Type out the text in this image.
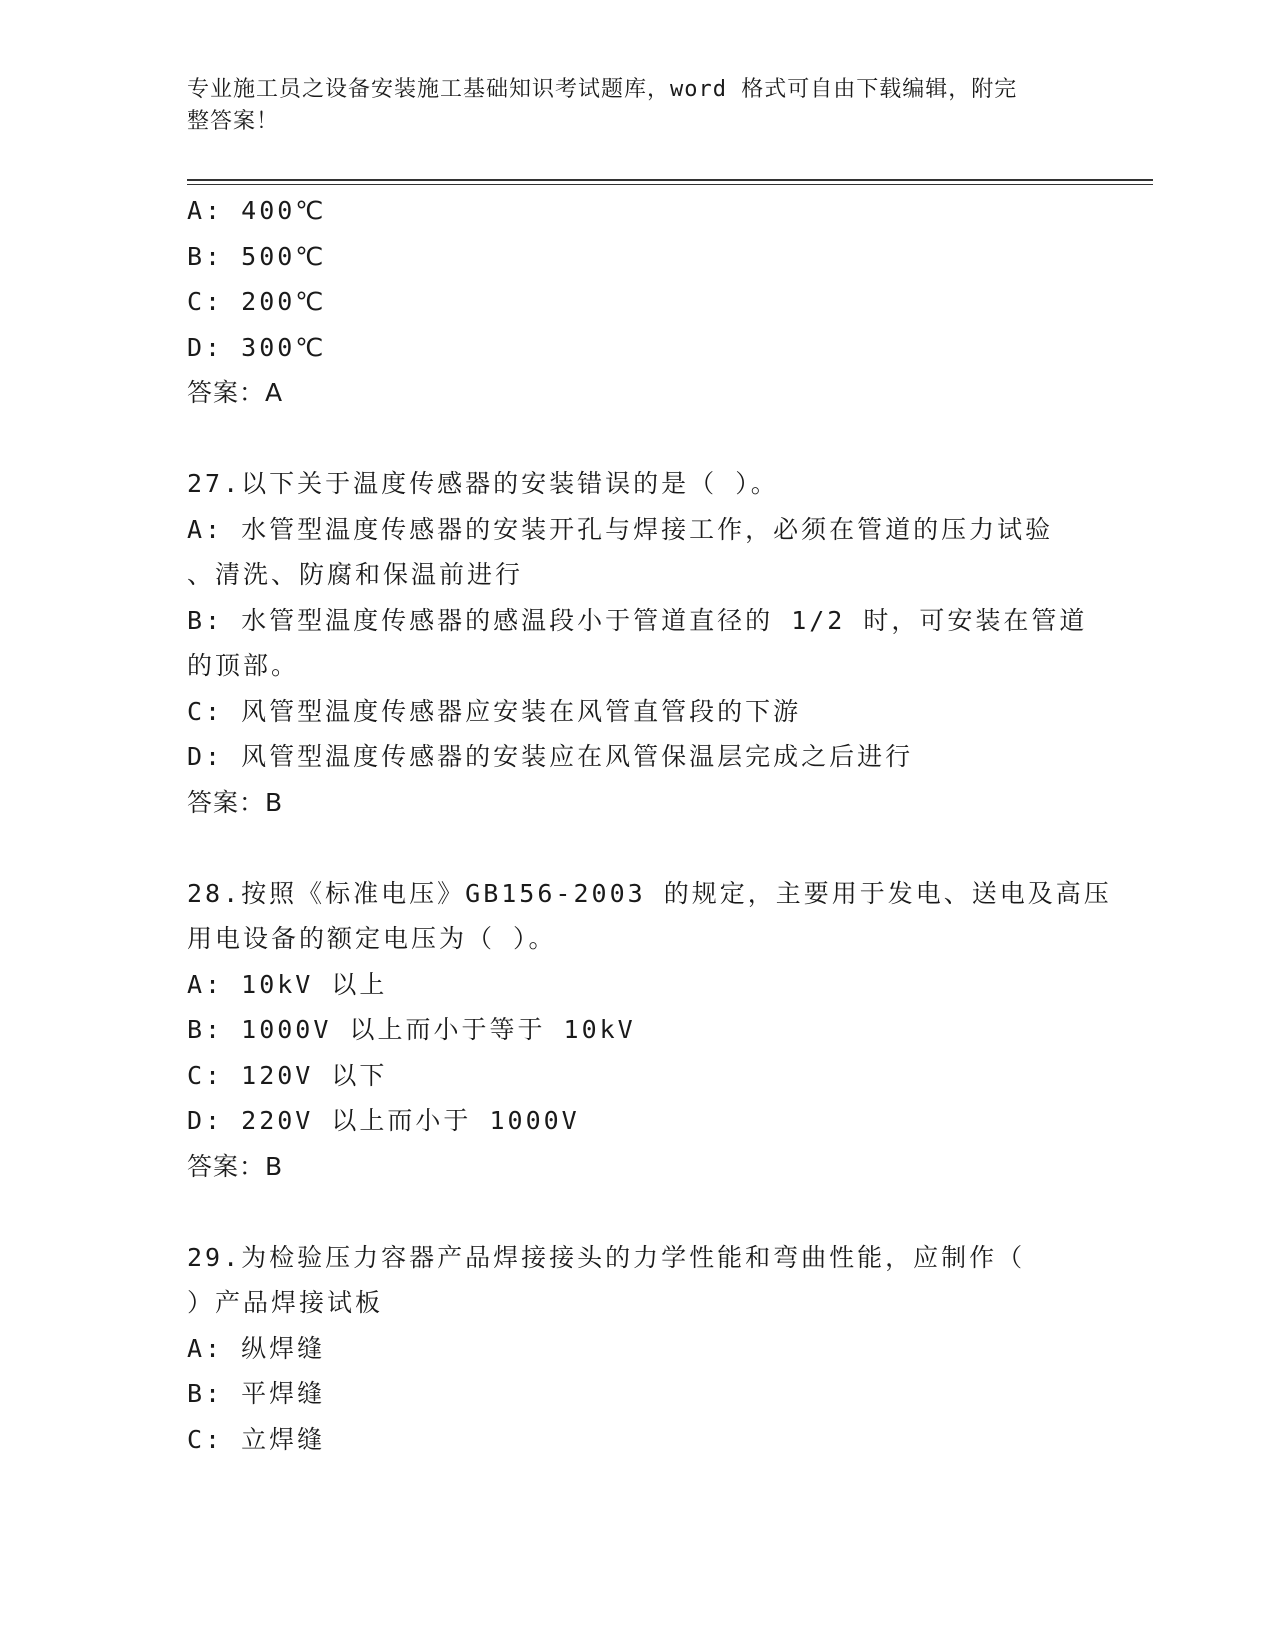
专业施工员之设备安装施工基础知识考试题库，word 格式可自由下载编辑，附完
整答案！
A: 400℃
B: 500℃
C: 200℃
D: 300℃
答案：A
27.以下关于温度传感器的安装错误的是（ ）。
A: 水管型温度传感器的安装开孔与焊接工作，必须在管道的压力试验
、清洗、防腐和保温前进行
B: 水管型温度传感器的感温段小于管道直径的 1/2 时，可安装在管道
的顶部。
C: 风管型温度传感器应安装在风管直管段的下游
D: 风管型温度传感器的安装应在风管保温层完成之后进行
答案：B
28.按照《标准电压》GB156-2003 的规定，主要用于发电、送电及高压
用电设备的额定电压为（ ）。
A: 10kV 以上
B: 1000V 以上而小于等于 10kV
C: 120V 以下
D: 220V 以上而小于 1000V
答案：B
29.为检验压力容器产品焊接接头的力学性能和弯曲性能，应制作（
）产品焊接试板
A: 纵焊缝
B: 平焊缝
C: 立焊缝
